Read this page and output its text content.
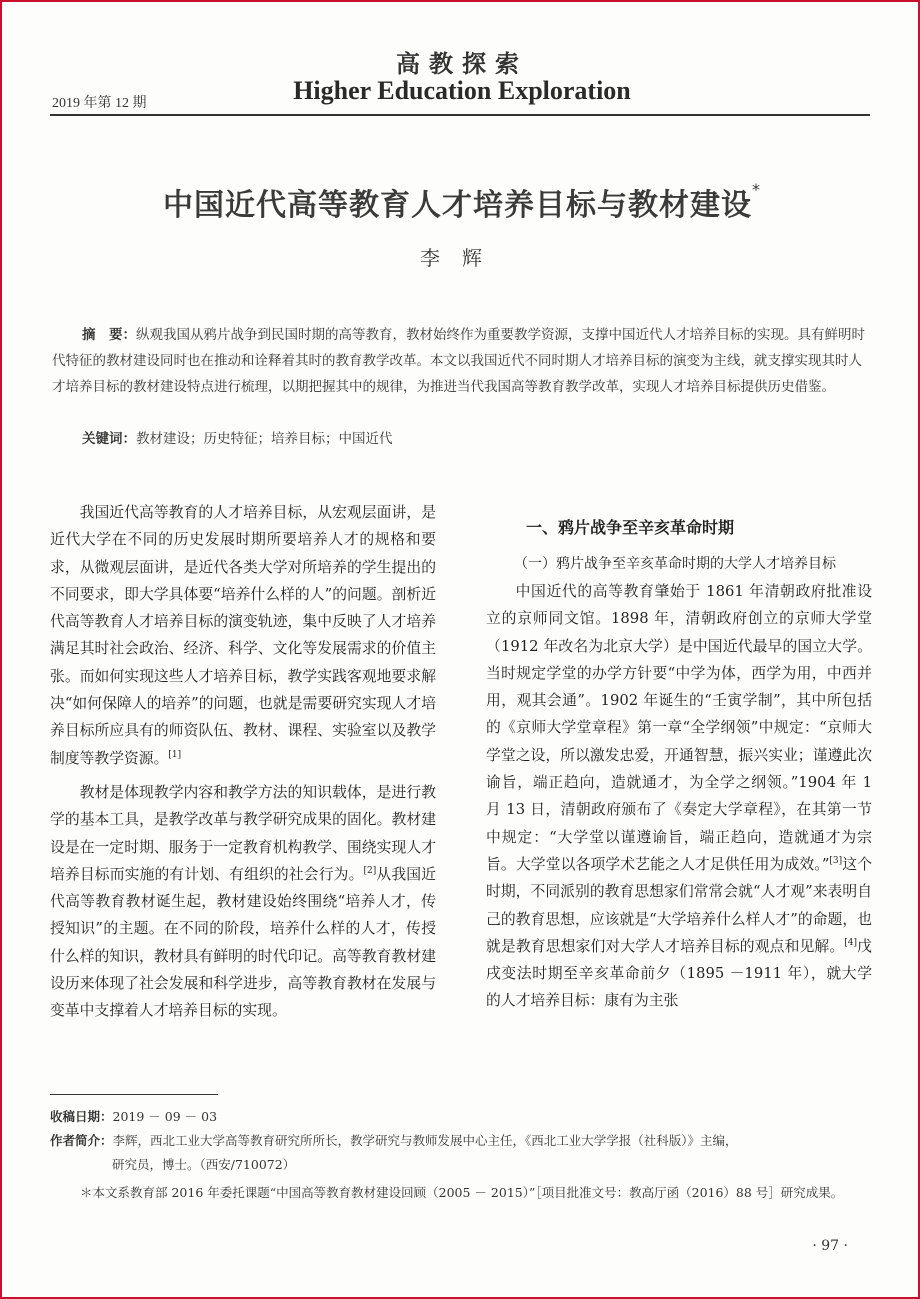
高教探索
Higher Education Exploration
2019 年第 12 期
中国近代高等教育人才培养目标与教材建设*
李辉
摘　要：纵观我国从鸦片战争到民国时期的高等教育，教材始终作为重要教学资源，支撑中国近代人才培养目标的实现。具有鲜明时代特征的教材建设同时也在推动和诠释着其时的教育教学改革。本文以我国近代不同时期人才培养目标的演变为主线，就支撑实现其时人才培养目标的教材建设特点进行梳理，以期把握其中的规律，为推进当代我国高等教育教学改革，实现人才培养目标提供历史借鉴。
关键词：教材建设；历史特征；培养目标；中国近代

我国近代高等教育的人才培养目标，从宏观层面讲，是近代大学在不同的历史发展时期所要培养人才的规格和要求，从微观层面讲，是近代各类大学对所培养的学生提出的不同要求，即大学具体要“培养什么样的人”的问题。剖析近代高等教育人才培养目标的演变轨迹，集中反映了人才培养满足其时社会政治、经济、科学、文化等发展需求的价值主张。而如何实现这些人才培养目标，教学实践客观地要求解决“如何保障人的培养”的问题，也就是需要研究实现人才培养目标所应具有的师资队伍、教材、课程、实验室以及教学制度等教学资源。[1]

教材是体现教学内容和教学方法的知识载体，是进行教学的基本工具，是教学改革与教学研究成果的固化。教材建设是在一定时期、服务于一定教育机构教学、围绕实现人才培养目标而实施的有计划、有组织的社会行为。[2]从我国近代高等教育教材诞生起，教材建设始终围绕“培养人才，传授知识”的主题。在不同的阶段，培养什么样的人才，传授什么样的知识，教材具有鲜明的时代印记。高等教育教材建设历来体现了社会发展和科学进步，高等教育教材在发展与变革中支撑着人才培养目标的实现。

一、鸦片战争至辛亥革命时期

（一）鸦片战争至辛亥革命时期的大学人才培养目标

中国近代的高等教育肇始于 1861 年清朝政府批准设立的京师同文馆。1898 年，清朝政府创立的京师大学堂（1912 年改名为北京大学）是中国近代最早的国立大学。当时规定学堂的办学方针要“中学为体，西学为用，中西并用，观其会通”。1902 年诞生的“壬寅学制”，其中所包括的《京师大学堂章程》第一章“全学纲领”中规定：“京师大学堂之设，所以激发忠爱，开通智慧，振兴实业；谨遵此次谕旨，端正趋向，造就通才，为全学之纲领。”1904 年 1 月 13 日，清朝政府颁布了《奏定大学章程》，在其第一节中规定：“大学堂以谨遵谕旨，端正趋向，造就通才为宗旨。大学堂以各项学术艺能之人才足供任用为成效。”[3]这个时期，不同派别的教育思想家们常常会就“人才观”来表明自己的教育思想，应该就是“大学培养什么样人才”的命题，也就是教育思想家们对大学人才培养目标的观点和见解。[4]戊戌变法时期至辛亥革命前夕（1895 －1911 年），就大学的人才培养目标：康有为主张

收稿日期： 2019 － 09 － 03
作者简介： 李辉，西北工业大学高等教育研究所所长，教学研究与教师发展中心主任，《西北工业大学学报（社科版）》主编，
研究员，博士。（西安/710072）
＊本文系教育部 2016 年委托课题“中国高等教育教材建设回顾（2005 － 2015）”［项目批准文号：教高厅函（2016）88 号］研究成果。
· 97 ·
